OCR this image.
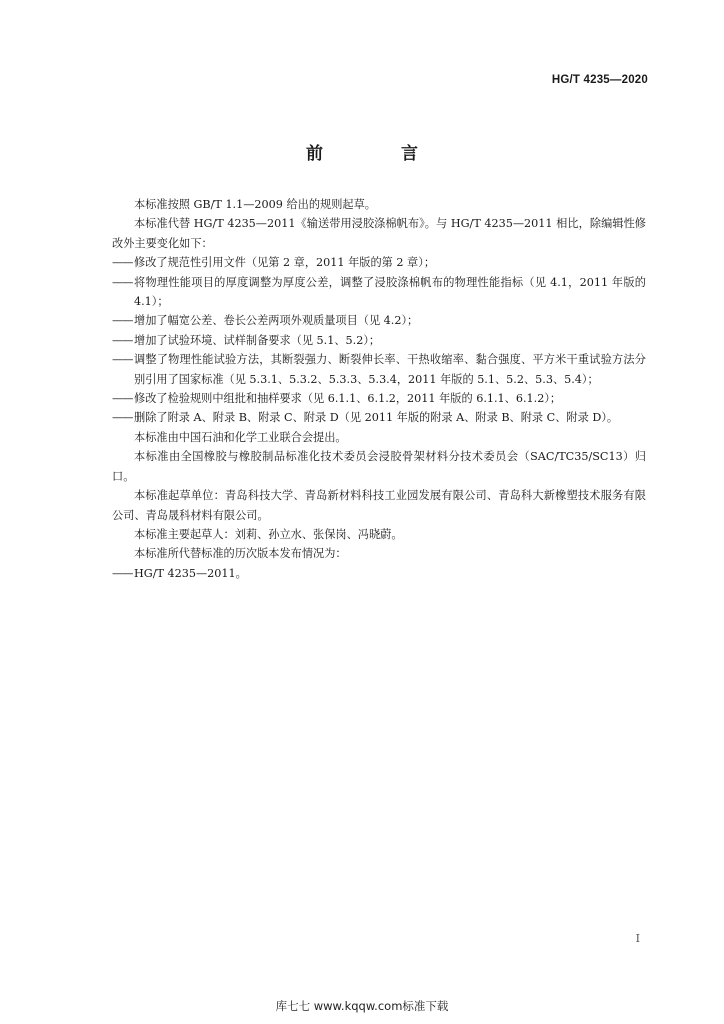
HG/T 4235—2020
前 言

本标准按照 GB/T 1.1—2009 给出的规则起草。

本标准代替 HG/T 4235—2011《输送带用浸胶涤棉帆布》。与 HG/T 4235—2011 相比，除编辑性修改外主要变化如下：

—— 修改了规范性引用文件（见第 2 章，2011 年版的第 2 章）；

—— 将物理性能项目的厚度调整为厚度公差，调整了浸胶涤棉帆布的物理性能指标（见 4.1，2011 年版的 4.1）；

—— 增加了幅宽公差、卷长公差两项外观质量项目（见 4.2）；

—— 增加了试验环境、试样制备要求（见 5.1、5.2）；

—— 调整了物理性能试验方法，其断裂强力、断裂伸长率、干热收缩率、黏合强度、平方米干重试验方法分别引用了国家标准（见 5.3.1、5.3.2、5.3.3、5.3.4，2011 年版的 5.1、5.2、5.3、5.4）；

—— 修改了检验规则中组批和抽样要求（见 6.1.1、6.1.2，2011 年版的 6.1.1、6.1.2）；

—— 删除了附录 A、附录 B、附录 C、附录 D（见 2011 年版的附录 A、附录 B、附录 C、附录 D）。

本标准由中国石油和化学工业联合会提出。

本标准由全国橡胶与橡胶制品标准化技术委员会浸胶骨架材料分技术委员会（SAC/TC35/SC13）归口。

本标准起草单位：青岛科技大学、青岛新材料科技工业园发展有限公司、青岛科大新橡塑技术服务有限公司、青岛晟科材料有限公司。

本标准主要起草人：刘莉、孙立水、张保岗、冯晓蔚。

本标准所代替标准的历次版本发布情况为：

—— HG/T 4235—2011。

I
库七七 www.kqqw.com标准下载
